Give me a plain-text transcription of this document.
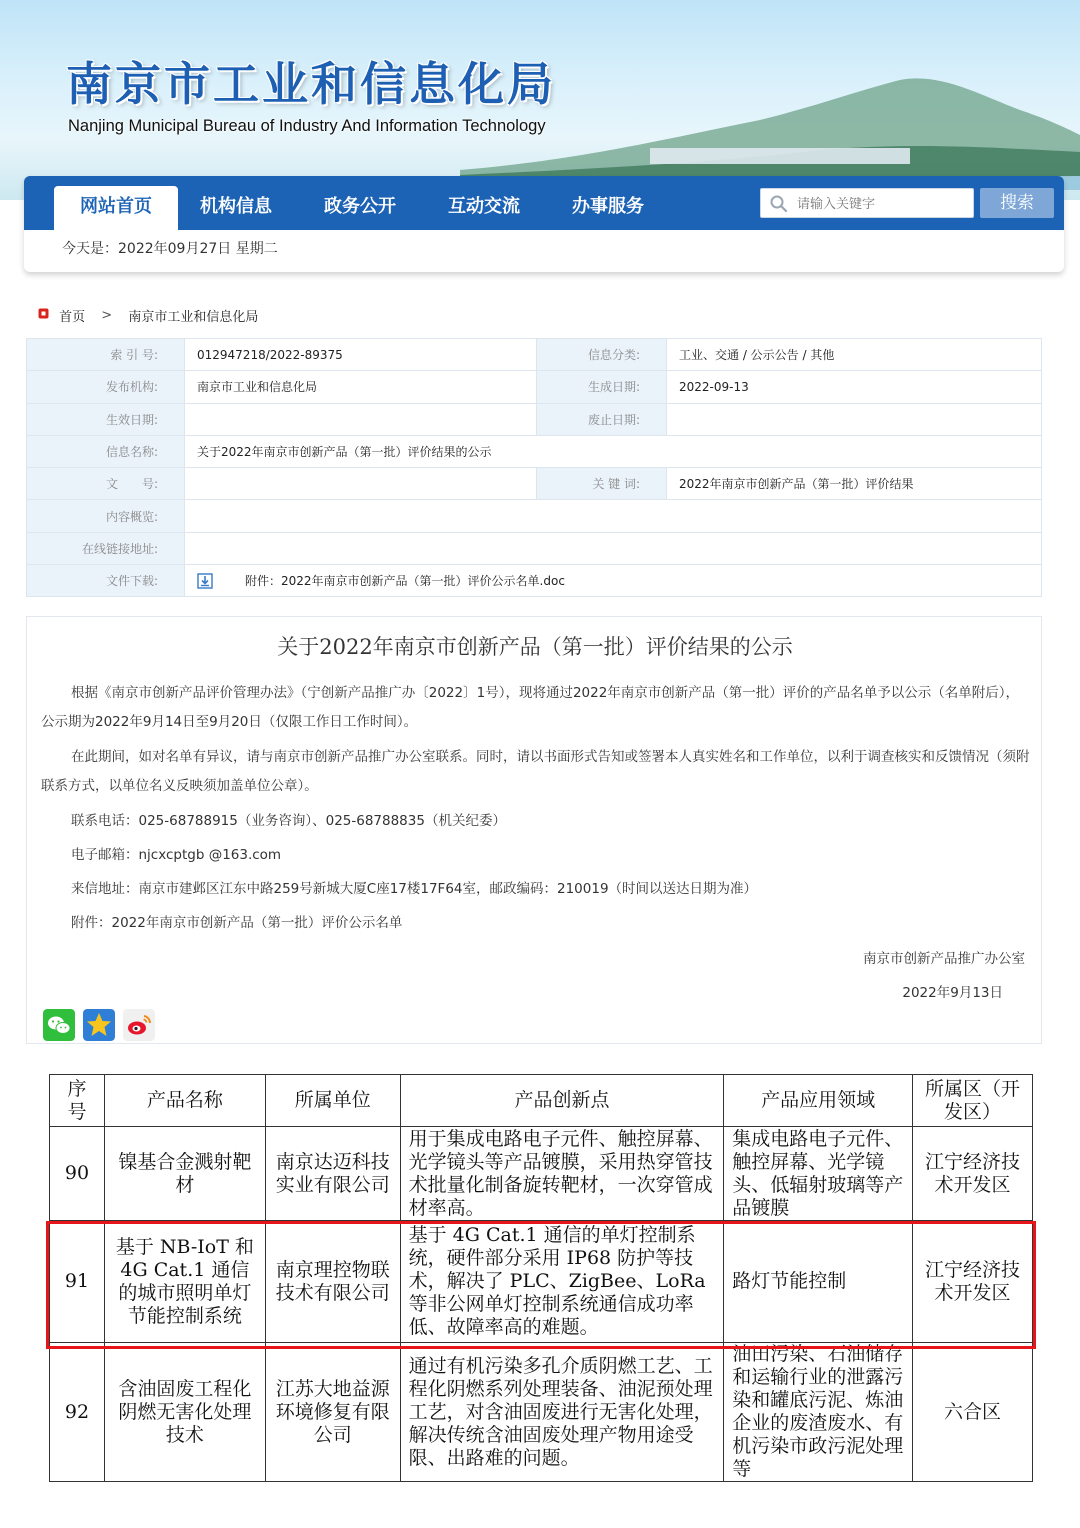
南京市工业和信息化局
Nanjing Municipal Bureau of Industry And Information Technology
网站首页	机构信息	政务公开	互动交流	办事服务
请输入关键字	搜索
今天是：2022年09月27日 星期二
首页 > 南京市工业和信息化局
索 引 号:	012947218/2022-89375	信息分类:	工业、交通 / 公示公告 / 其他
发布机构:	南京市工业和信息化局	生成日期:	2022-09-13
生效日期:		废止日期:	
信息名称:	关于2022年南京市创新产品（第一批）评价结果的公示		
文　　号:		关 键 词:	2022年南京市创新产品（第一批）评价结果
内容概览:			
在线链接地址:			
文件下载:	附件：2022年南京市创新产品（第一批）评价公示名单.doc		
关于2022年南京市创新产品（第一批）评价结果的公示
根据《南京市创新产品评价管理办法》（宁创新产品推广办〔2022〕1号），现将通过2022年南京市创新产品（第一批）评价的产品名单予以公示（名单附后），公示期为2022年9月14日至9月20日（仅限工作日工作时间）。
在此期间，如对名单有异议，请与南京市创新产品推广办公室联系。同时，请以书面形式告知或签署本人真实姓名和工作单位，以利于调查核实和反馈情况（须附联系方式，以单位名义反映须加盖单位公章）。
联系电话：025-68788915（业务咨询）、025-68788835（机关纪委）
电子邮箱：njcxcptgb @163.com
来信地址：南京市建邺区江东中路259号新城大厦C座17楼17F64室，邮政编码：210019（时间以送达日期为准）
附件：2022年南京市创新产品（第一批）评价公示名单
南京市创新产品推广办公室
2022年9月13日
序号	产品名称	所属单位	产品创新点	产品应用领域	所属区（开发区）
90	镍基合金溅射靶材	南京达迈科技实业有限公司	用于集成电路电子元件、触控屏幕、光学镜头等产品镀膜，采用热穿管技术批量化制备旋转靶材，一次穿管成材率高。	集成电路电子元件、触控屏幕、光学镜头、低辐射玻璃等产品镀膜	江宁经济技术开发区
91	基于 NB-IoT 和 4G Cat.1 通信的城市照明单灯节能控制系统	南京理控物联技术有限公司	基于 4G Cat.1 通信的单灯控制系统，硬件部分采用 IP68 防护等技术，解决了 PLC、ZigBee、LoRa 等非公网单灯控制系统通信成功率低、故障率高的难题。	路灯节能控制	江宁经济技术开发区
92	含油固废工程化阴燃无害化处理技术	江苏大地益源环境修复有限公司	通过有机污染多孔介质阴燃工艺、工程化阴燃系列处理装备、油泥预处理工艺，对含油固废进行无害化处理，解决传统含油固废处理产物用途受限、出路难的问题。	油田污染、石油储存和运输行业的泄露污染和罐底污泥、炼油企业的废渣废水、有机污染市政污泥处理等	六合区
